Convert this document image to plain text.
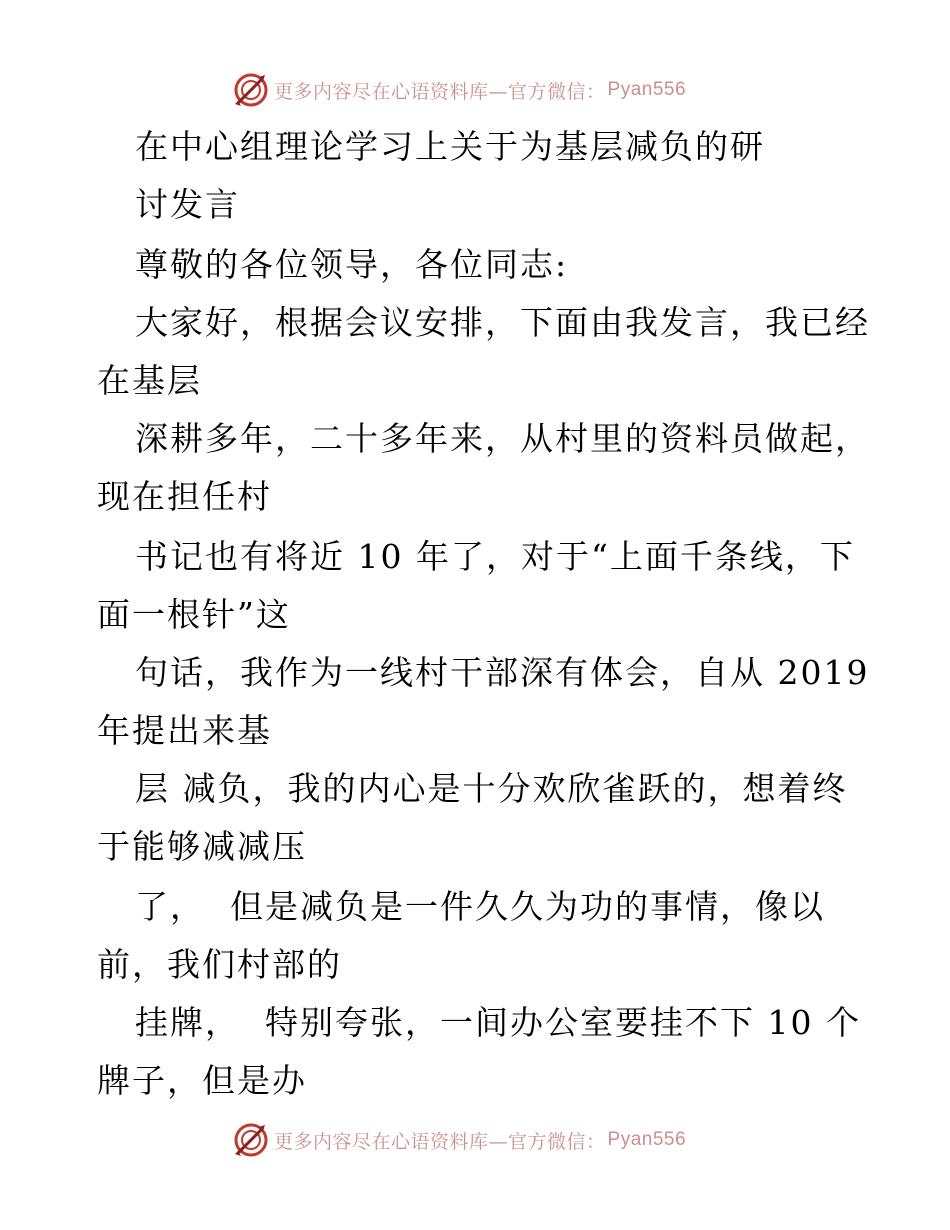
更多内容尽在心语资料库—官方微信： Pyan556
在中心组理论学习上关于为基层减负的研
讨发言
尊敬的各位领导，各位同志:
大家好，根据会议安排，下面由我发言，我已经
在基层
深耕多年，二十多年来，从村里的资料员做起，
现在担任村
书记也有将近 10 年了，对于“上面千条线，下
面一根针”这
句话，我作为一线村干部深有体会，自从 2019
年提出来基
层 减负，我的内心是十分欢欣雀跃的，想着终
于能够减减压
了，  但是减负是一件久久为功的事情，像以
前，我们村部的
挂牌，  特别夸张，一间办公室要挂不下 10 个
牌子，但是办
更多内容尽在心语资料库—官方微信： Pyan556
